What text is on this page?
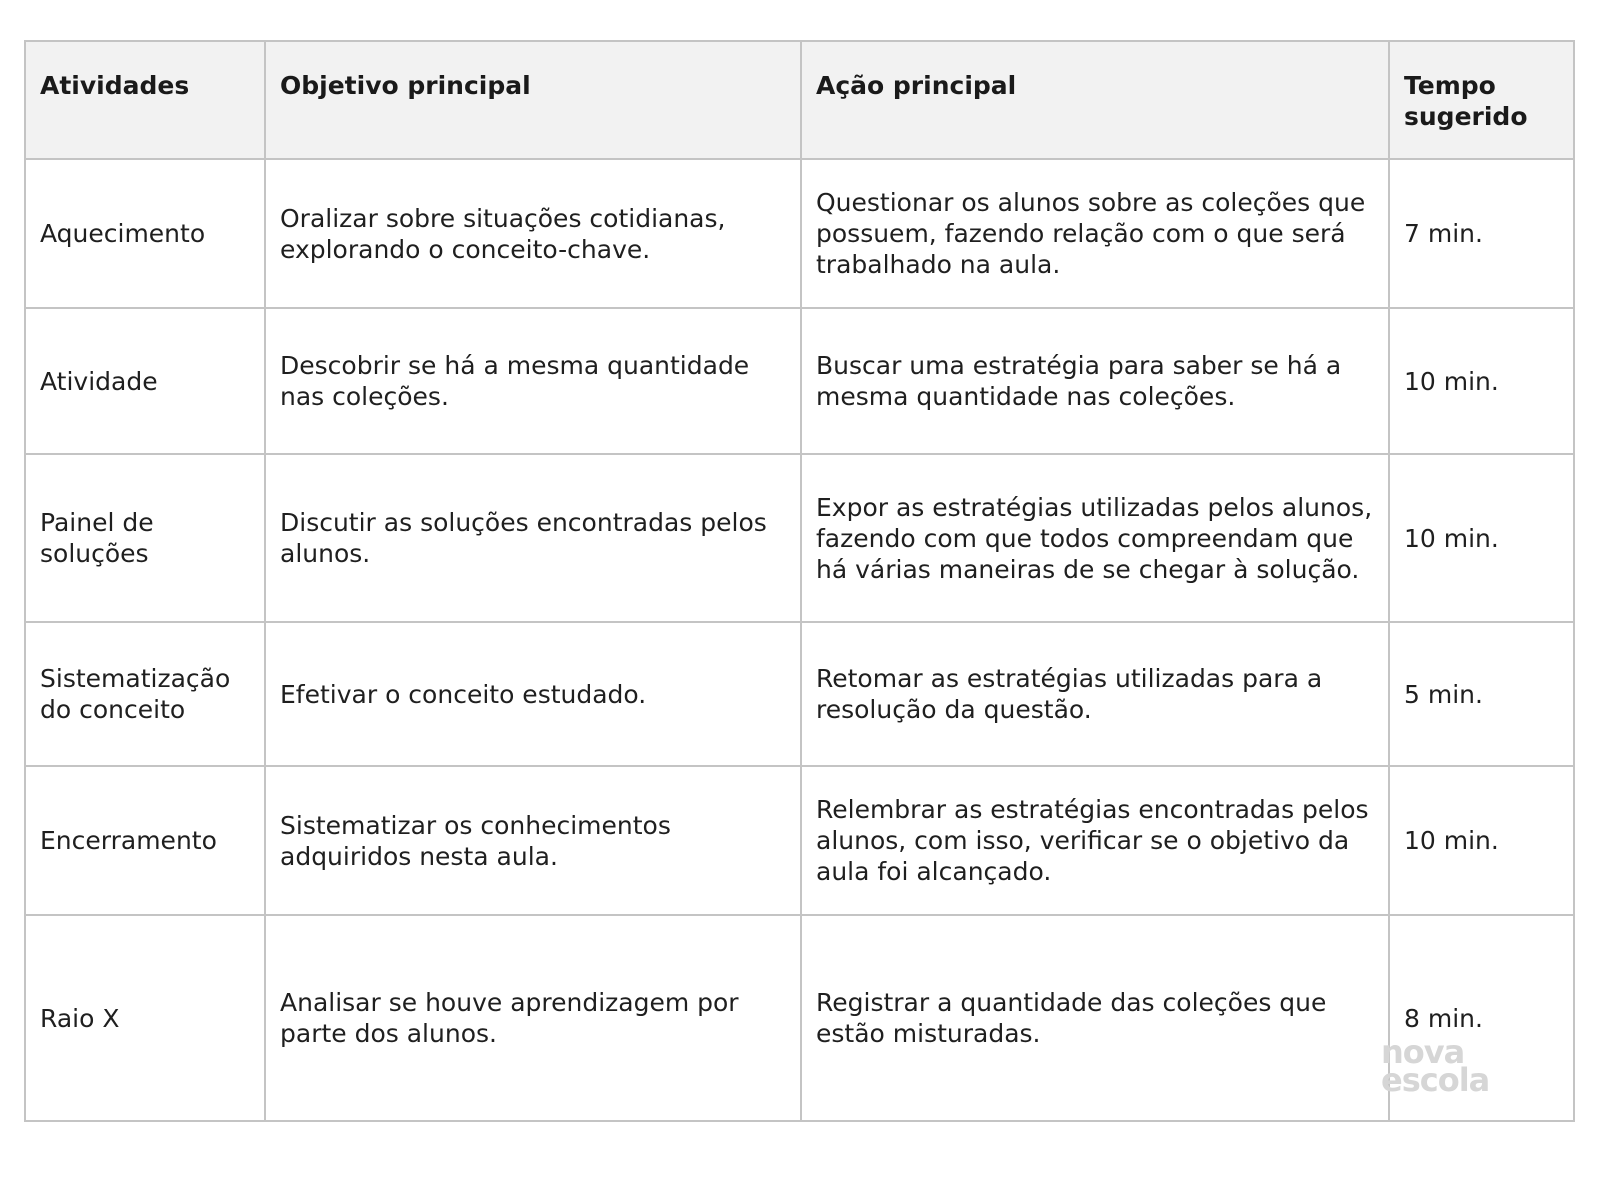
Atividades	Objetivo principal	Ação principal	Tempo sugerido
Aquecimento	Oralizar sobre situações cotidianas, explorando o conceito-chave.	Questionar os alunos sobre as coleções que possuem, fazendo relação com o que será trabalhado na aula.	7 min.
Atividade	Descobrir se há a mesma quantidade nas coleções.	Buscar uma estratégia para saber se há a mesma quantidade nas coleções.	10 min.
Painel de soluções	Discutir as soluções encontradas pelos alunos.	Expor as estratégias utilizadas pelos alunos, fazendo com que todos compreendam que há várias maneiras de se chegar à solução.	10 min.
Sistematização do conceito	Efetivar o conceito estudado.	Retomar as estratégias utilizadas para a resolução da questão.	5 min.
Encerramento	Sistematizar os conhecimentos adquiridos nesta aula.	Relembrar as estratégias encontradas pelos alunos, com isso, verificar se o objetivo da aula foi alcançado.	10 min.
Raio X	Analisar se houve aprendizagem por parte dos alunos.	Registrar a quantidade das coleções que estão misturadas.	8 min.
nova
escola
